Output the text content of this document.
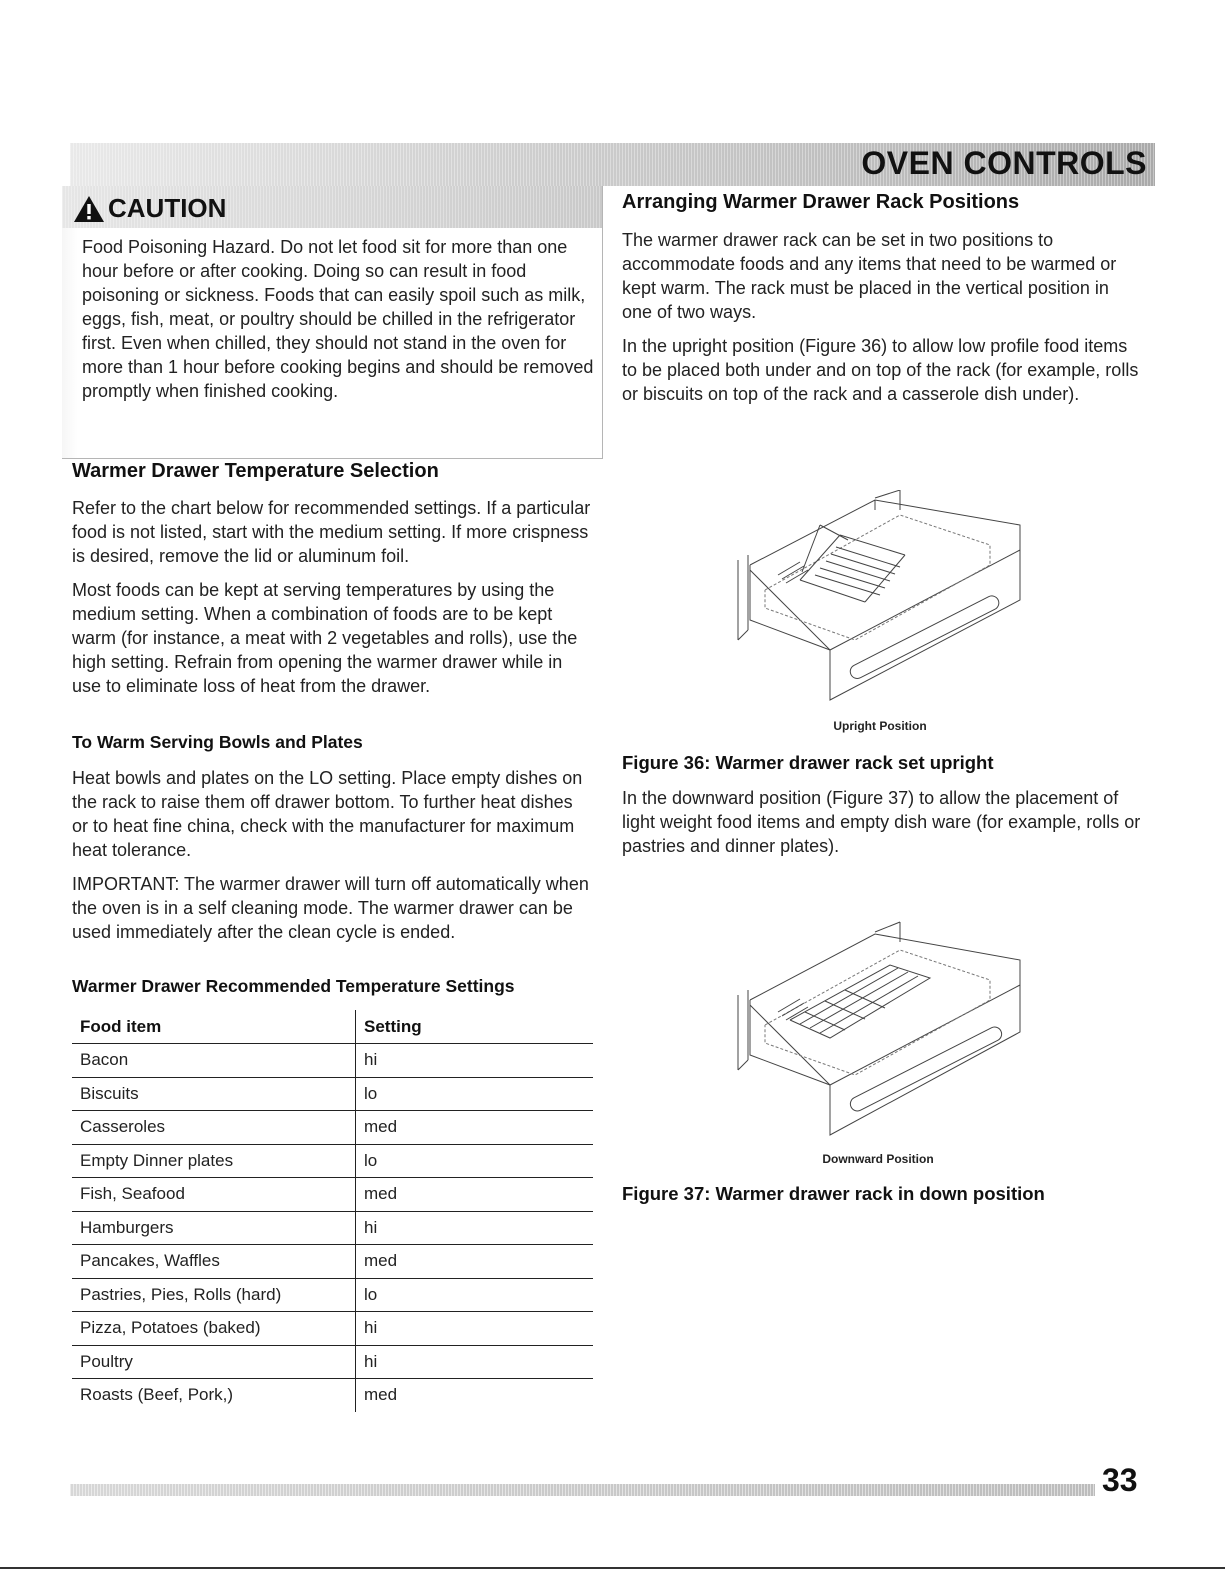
OVEN CONTROLS
CAUTION

Food Poisoning Hazard. Do not let food sit for more than one hour before or after cooking. Doing so can result in food poisoning or sickness. Foods that can easily spoil such as milk, eggs, fish, meat, or poultry should be chilled in the refrigerator first. Even when chilled, they should not stand in the oven for more than 1 hour before cooking begins and should be removed promptly when finished cooking.

Warmer Drawer Temperature Selection

Refer to the chart below for recommended settings. If a particular food is not listed, start with the medium setting. If more crispness is desired, remove the lid or aluminum foil.

Most foods can be kept at serving temperatures by using the medium setting. When a combination of foods are to be kept warm (for instance, a meat with 2 vegetables and rolls), use the high setting. Refrain from opening the warmer drawer while in use to eliminate loss of heat from the drawer.

To Warm Serving Bowls and Plates

Heat bowls and plates on the LO setting. Place empty dishes on the rack to raise them off drawer bottom. To further heat dishes or to heat fine china, check with the manufacturer for maximum heat tolerance.

IMPORTANT: The warmer drawer will turn off automatically when the oven is in a self cleaning mode. The warmer drawer can be used immediately after the clean cycle is ended.

Warmer Drawer Recommended Temperature Settings
Food item	Setting
Bacon	hi
Biscuits	lo
Casseroles	med
Empty Dinner plates	lo
Fish, Seafood	med
Hamburgers	hi
Pancakes, Waffles	med
Pastries, Pies, Rolls (hard)	lo
Pizza, Potatoes (baked)	hi
Poultry	hi
Roasts (Beef, Pork,)	med
Arranging Warmer Drawer Rack Positions

The warmer drawer rack can be set in two positions to accommodate foods and any items that need to be warmed or kept warm. The rack must be placed in the vertical position in one of two ways.

In the upright position (Figure 36) to allow low profile food items to be placed both under and on top of the rack (for example, rolls or biscuits on top of the rack and a casserole dish under).

Upright Position

Figure 36: Warmer drawer rack set upright

In the downward position (Figure 37) to allow the placement of light weight food items and empty dish ware (for example, rolls or pastries and dinner plates).

Downward Position

Figure 37: Warmer drawer rack in down position

33
